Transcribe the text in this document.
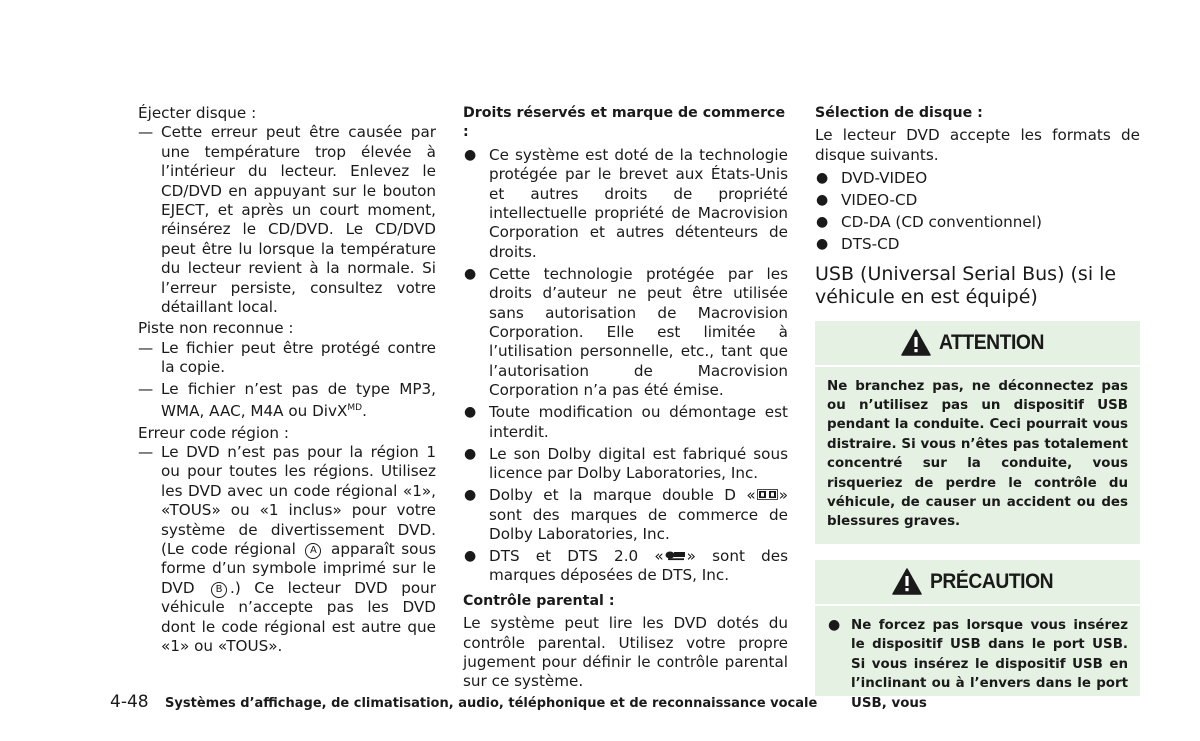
Éjecter disque :
— Cette erreur peut être causée par une température trop élevée à l’intérieur du lecteur. Enlevez le CD/DVD en appuyant sur le bouton EJECT, et après un court moment, réinsérez le CD/DVD. Le CD/DVD peut être lu lorsque la température du lecteur revient à la normale. Si l’erreur persiste, consultez votre détaillant local.
Piste non reconnue :
— Le fichier peut être protégé contre la copie.
— Le fichier n’est pas de type MP3, WMA, AAC, M4A ou DivX$^{MD}$.
Erreur code région :
— Le DVD n’est pas pour la région 1 ou pour toutes les régions. Utilisez les DVD avec un code régional «1», «TOUS» ou «1 inclus» pour votre système de divertissement DVD. (Le code régional A apparaît sous forme d’un symbole imprimé sur le DVD B .) Ce lecteur DVD pour véhicule n’accepte pas les DVD dont le code régional est autre que «1» ou «TOUS».
Droits réservés et marque de commerce :
● Ce système est doté de la technologie protégée par le brevet aux États-Unis et autres droits de propriété intellectuelle propriété de Macrovision Corporation et autres détenteurs de droits.
● Cette technologie protégée par les droits d’auteur ne peut être utilisée sans autorisation de Macrovision Corporation. Elle est limitée à l’utilisation personnelle, etc., tant que l’autorisation de Macrovision Corporation n’a pas été émise.
● Toute modification ou démontage est interdit.
● Le son Dolby digital est fabriqué sous licence par Dolby Laboratories, Inc.
● Dolby et la marque double D « » sont des marques de commerce de Dolby Laboratories, Inc.
● DTS et DTS 2.0 « » sont des marques déposées de DTS, Inc.
Contrôle parental :
Le système peut lire les DVD dotés du contrôle parental. Utilisez votre propre jugement pour définir le contrôle parental sur ce système.
Sélection de disque :
Le lecteur DVD accepte les formats de disque suivants.
● DVD-VIDEO
● VIDEO-CD
● CD-DA (CD conventionnel)
● DTS-CD
USB (Universal Serial Bus) (si le véhicule en est équipé)
ATTENTION
Ne branchez pas, ne déconnectez pas ou n’utilisez pas un dispositif USB pendant la conduite. Ceci pourrait vous distraire. Si vous n’êtes pas totalement concentré sur la conduite, vous risqueriez de perdre le contrôle du véhicule, de causer un accident ou des blessures graves.
PRÉCAUTION
● Ne forcez pas lorsque vous insérez le dispositif USB dans le port USB. Si vous insérez le dispositif USB en l’inclinant ou à l’envers dans le port USB, vous
4-48 Systèmes d’affichage, de climatisation, audio, téléphonique et de reconnaissance vocale
